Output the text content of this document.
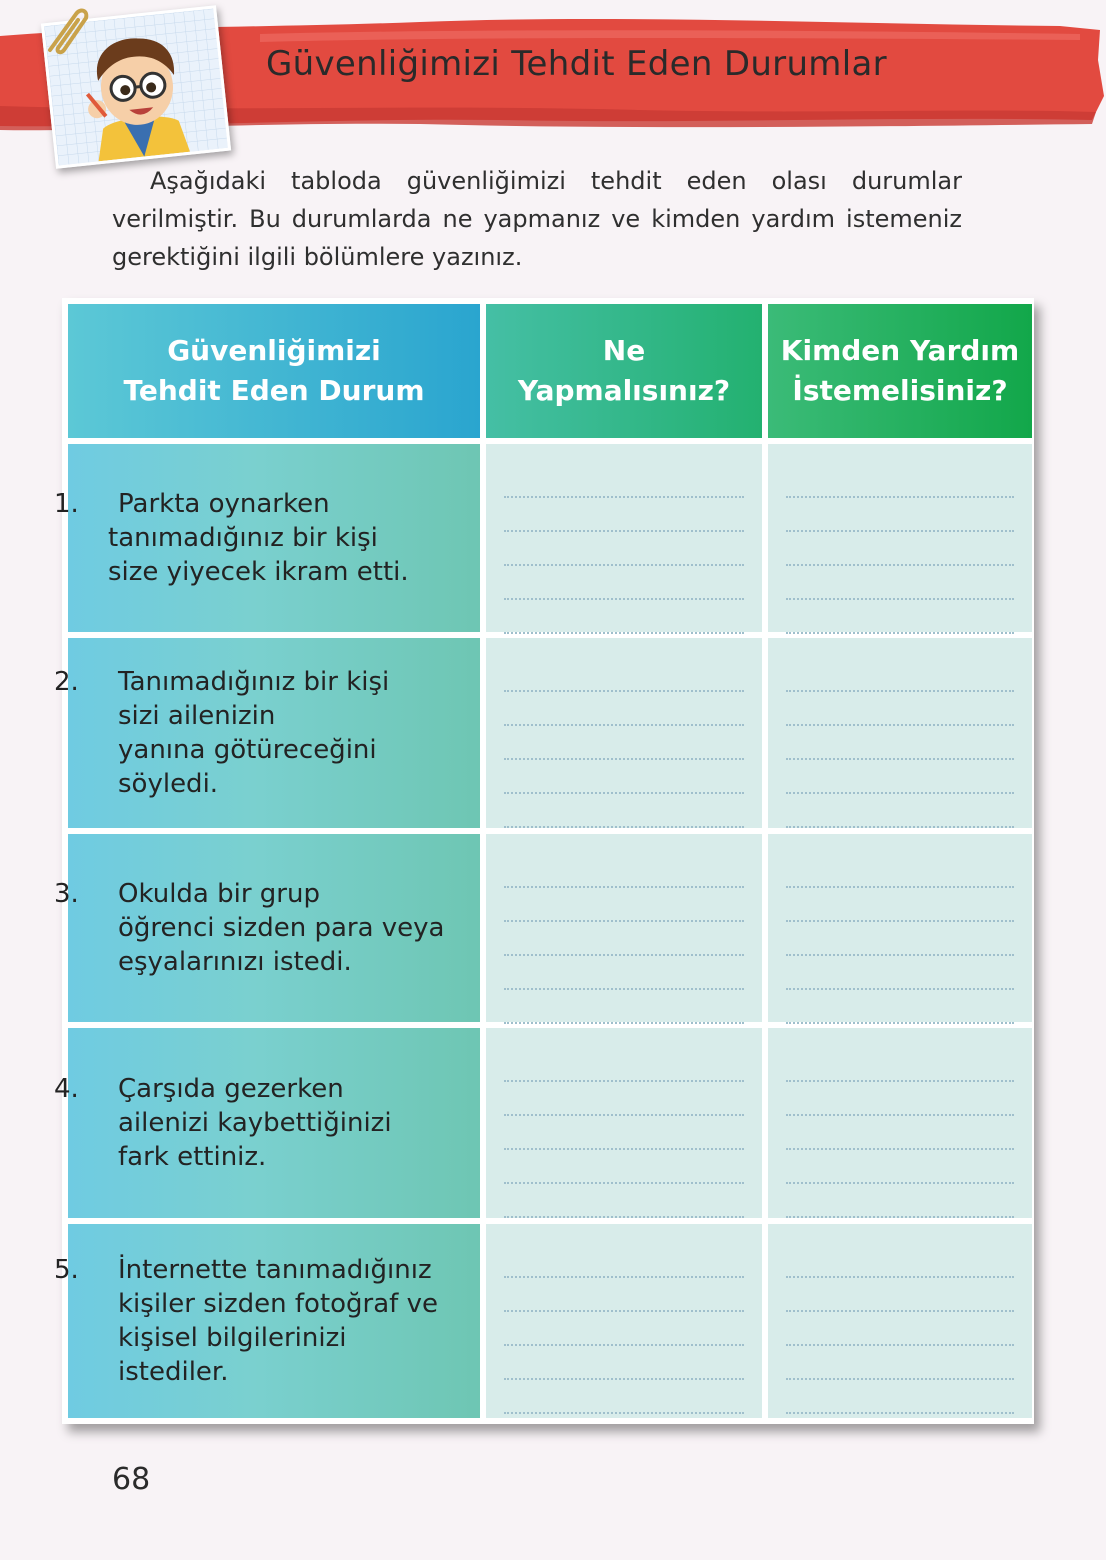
Güvenliğimizi Tehdit Eden Durumlar

Aşağıdaki tabloda güvenliğimizi tehdit eden olası durumlar verilmiştir. Bu durumlarda ne yapmanız ve kimden yardım istemeniz gerektiğini ilgili bölümlere yazınız.

Güvenliğimizi
Tehdit Eden Durum
Ne
Yapmalısınız?
Kimden Yardım
İstemelisiniz?
1. Parkta oynarken
tanımadığınız bir kişi
size yiyecek ikram etti.
2. Tanımadığınız bir kişi
sizi ailenizin
yanına götüreceğini
söyledi.
3. Okulda bir grup
öğrenci sizden para veya
eşyalarınızı istedi.
4. Çarşıda gezerken
ailenizi kaybettiğinizi
fark ettiniz.
5. İnternette tanımadığınız
kişiler sizden fotoğraf ve
kişisel bilgilerinizi
istediler.
68
